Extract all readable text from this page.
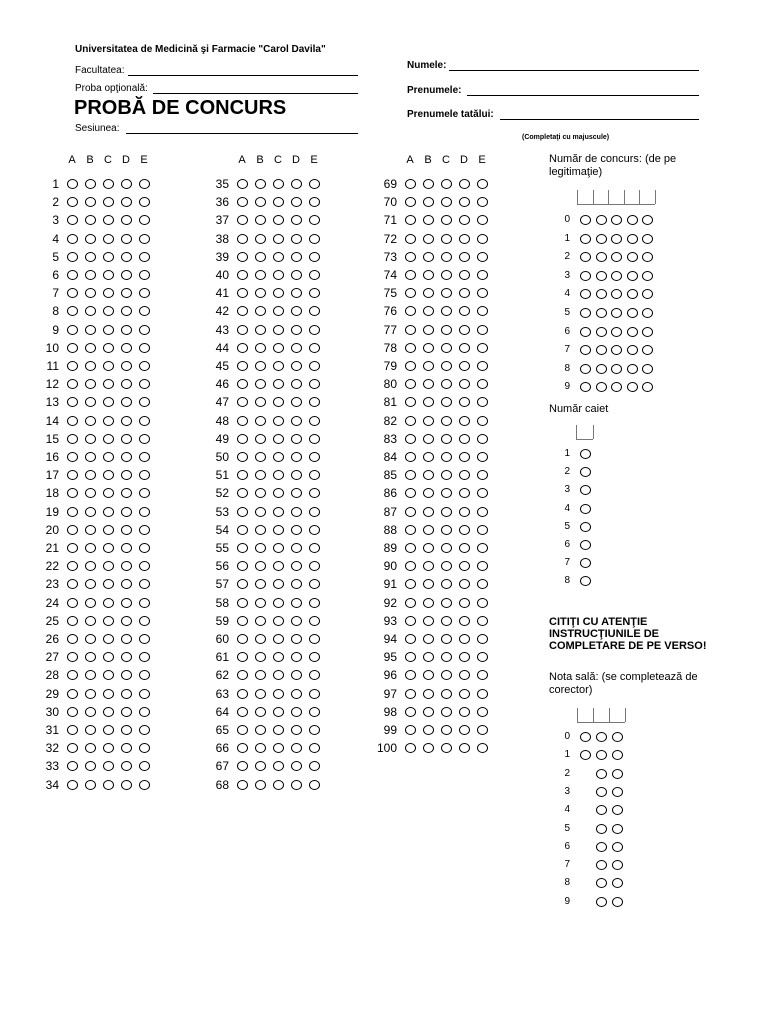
Universitatea de Medicină şi Farmacie "Carol Davila"
Facultatea:
Proba opţională:
PROBĂ DE CONCURS
Sesiunea:
Numele:
Prenumele:
Prenumele tatălui:
(Completaţi cu majuscule)
A B C D E
1
2
3
4
5
6
7
8
9
10
11
12
13
14
15
16
17
18
19
20
21
22
23
24
25
26
27
28
29
30
31
32
33
34
A B C D E
35
36
37
38
39
40
41
42
43
44
45
46
47
48
49
50
51
52
53
54
55
56
57
58
59
60
61
62
63
64
65
66
67
68
A B C D E
69
70
71
72
73
74
75
76
77
78
79
80
81
82
83
84
85
86
87
88
89
90
91
92
93
94
95
96
97
98
99
100
Număr de concurs: (de pe legitimaţie)
0
1
2
3
4
5
6
7
8
9
Număr caiet
1
2
3
4
5
6
7
8
CITIŢI CU ATENŢIE INSTRUCŢIUNILE DE COMPLETARE DE PE VERSO!
Nota sală: (se completează de corector)
0
1
2
3
4
5
6
7
8
9
